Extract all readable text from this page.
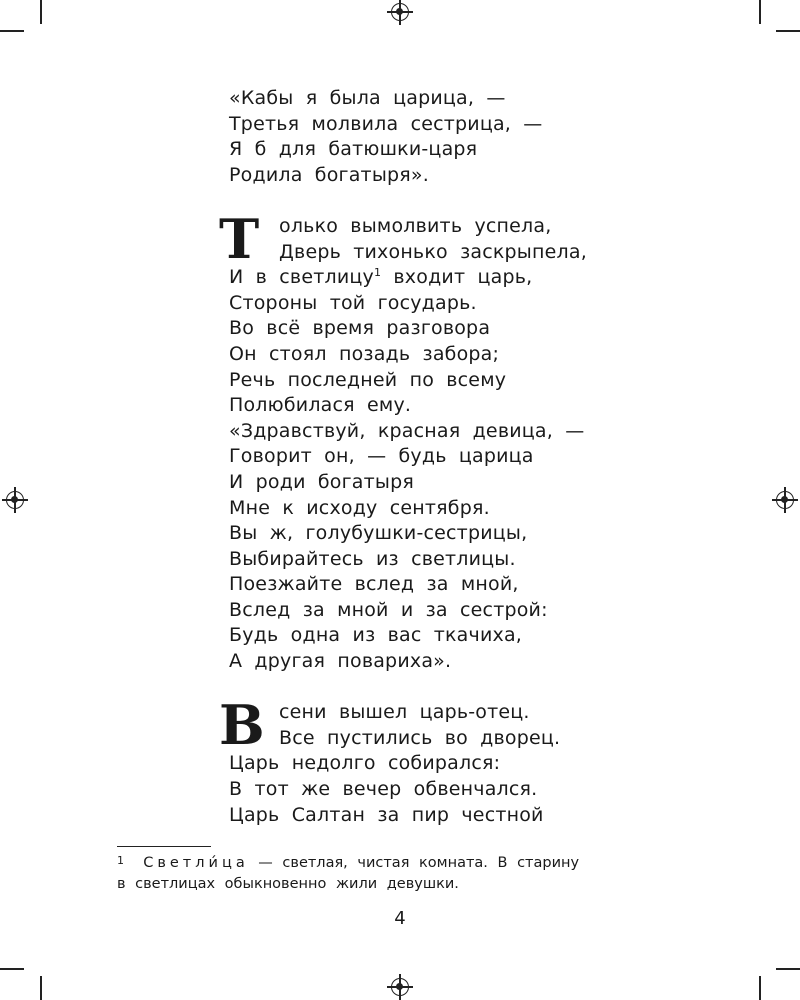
«Кабы я была царица, —
Третья молвила сестрица, —
Я б для батюшки-царя
Родила богатыря».
Т	олько вымолвить успела,
Дверь тихонько заскрыпела,
И в светлицу$^1$ входит царь,
Стороны той государь.
Во всё время разговора
Он стоял позадь забора;
Речь последней по всему
Полюбилася ему.
«Здравствуй, красная девица, —
Говорит он, — будь царица
И роди богатыря
Мне к исходу сентября.
Вы ж, голубушки-сестрицы,
Выбирайтесь из светлицы.
Поезжайте вслед за мной,
Вслед за мной и за сестрой:
Будь одна из вас ткачиха,
А другая повариха».
В сени вышел царь-отец.
Все пустились во дворец.
Царь недолго собирался:
В тот же вечер обвенчался.
Царь Салтан за пир честной
$^1$ Светли́ца — светлая, чистая комната. В старину
в светлицах обыкновенно жили девушки.
4
